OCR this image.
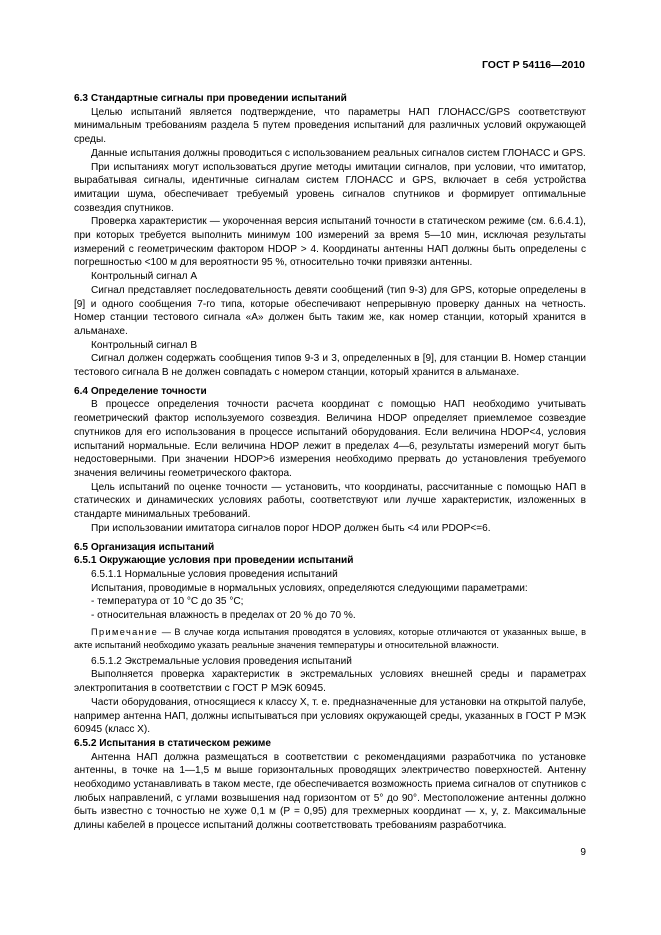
ГОСТ Р 54116—2010

6.3 Стандартные сигналы при проведении испытаний

Целью испытаний является подтверждение, что параметры НАП ГЛОНАСС/GPS соответствуют минимальным требованиям раздела 5 путем проведения испытаний для различных условий окружающей среды.

Данные испытания должны проводиться с использованием реальных сигналов систем ГЛОНАСС и GPS.

При испытаниях могут использоваться другие методы имитации сигналов, при условии, что имитатор, вырабатывая сигналы, идентичные сигналам систем ГЛОНАСС и GPS, включает в себя устройства имитации шума, обеспечивает требуемый уровень сигналов спутников и формирует оптимальные созвездия спутников.

Проверка характеристик — укороченная версия испытаний точности в статическом режиме (см. 6.6.4.1), при которых требуется выполнить минимум 100 измерений за время 5—10 мин, исключая результаты измерений с геометрическим фактором HDOP > 4. Координаты антенны НАП должны быть определены с погрешностью <100 м для вероятности 95 %, относительно точки привязки антенны.

Контрольный сигнал А

Сигнал представляет последовательность девяти сообщений (тип 9-3) для GPS, которые определены в [9] и одного сообщения 7-го типа, которые обеспечивают непрерывную проверку данных на четность. Номер станции тестового сигнала «А» должен быть таким же, как номер станции, который хранится в альманахе.

Контрольный сигнал В

Сигнал должен содержать сообщения типов 9-3 и 3, определенных в [9], для станции В. Номер станции тестового сигнала В не должен совпадать с номером станции, который хранится в альманахе.

6.4 Определение точности

В процессе определения точности расчета координат с помощью НАП необходимо учитывать геометрический фактор используемого созвездия. Величина HDOP определяет приемлемое созвездие спутников для его использования в процессе испытаний оборудования. Если величина HDOP<4, условия испытаний нормальные. Если величина HDOP лежит в пределах 4—6, результаты измерений могут быть недостоверными. При значении HDOP>6 измерения необходимо прервать до установления требуемого значения величины геометрического фактора.

Цель испытаний по оценке точности — установить, что координаты, рассчитанные с помощью НАП в статических и динамических условиях работы, соответствуют или лучше характеристик, изложенных в стандарте минимальных требований.

При использовании имитатора сигналов порог HDOP должен быть <4 или PDOP<=6.

6.5 Организация испытаний

6.5.1 Окружающие условия при проведении испытаний

6.5.1.1 Нормальные условия проведения испытаний

Испытания, проводимые в нормальных условиях, определяются следующими параметрами:

- температура от 10 °С до 35 °С;

- относительная влажность в пределах от 20 % до 70 %.

Примечание — В случае когда испытания проводятся в условиях, которые отличаются от указанных выше, в акте испытаний необходимо указать реальные значения температуры и относительной влажности.

6.5.1.2 Экстремальные условия проведения испытаний

Выполняется проверка характеристик в экстремальных условиях внешней среды и параметрах электропитания в соответствии с ГОСТ Р МЭК 60945.

Части оборудования, относящиеся к классу X, т. е. предназначенные для установки на открытой палубе, например антенна НАП, должны испытываться при условиях окружающей среды, указанных в ГОСТ Р МЭК 60945 (класс X).

6.5.2 Испытания в статическом режиме

Антенна НАП должна размещаться в соответствии с рекомендациями разработчика по установке антенны, в точке на 1—1,5 м выше горизонтальных проводящих электричество поверхностей. Антенну необходимо устанавливать в таком месте, где обеспечивается возможность приема сигналов от спутников с любых направлений, с углами возвышения над горизонтом от 5° до 90°. Местоположение антенны должно быть известно с точностью не хуже 0,1 м (P = 0,95) для трехмерных координат — x, y, z. Максимальные длины кабелей в процессе испытаний должны соответствовать требованиям разработчика.

9
